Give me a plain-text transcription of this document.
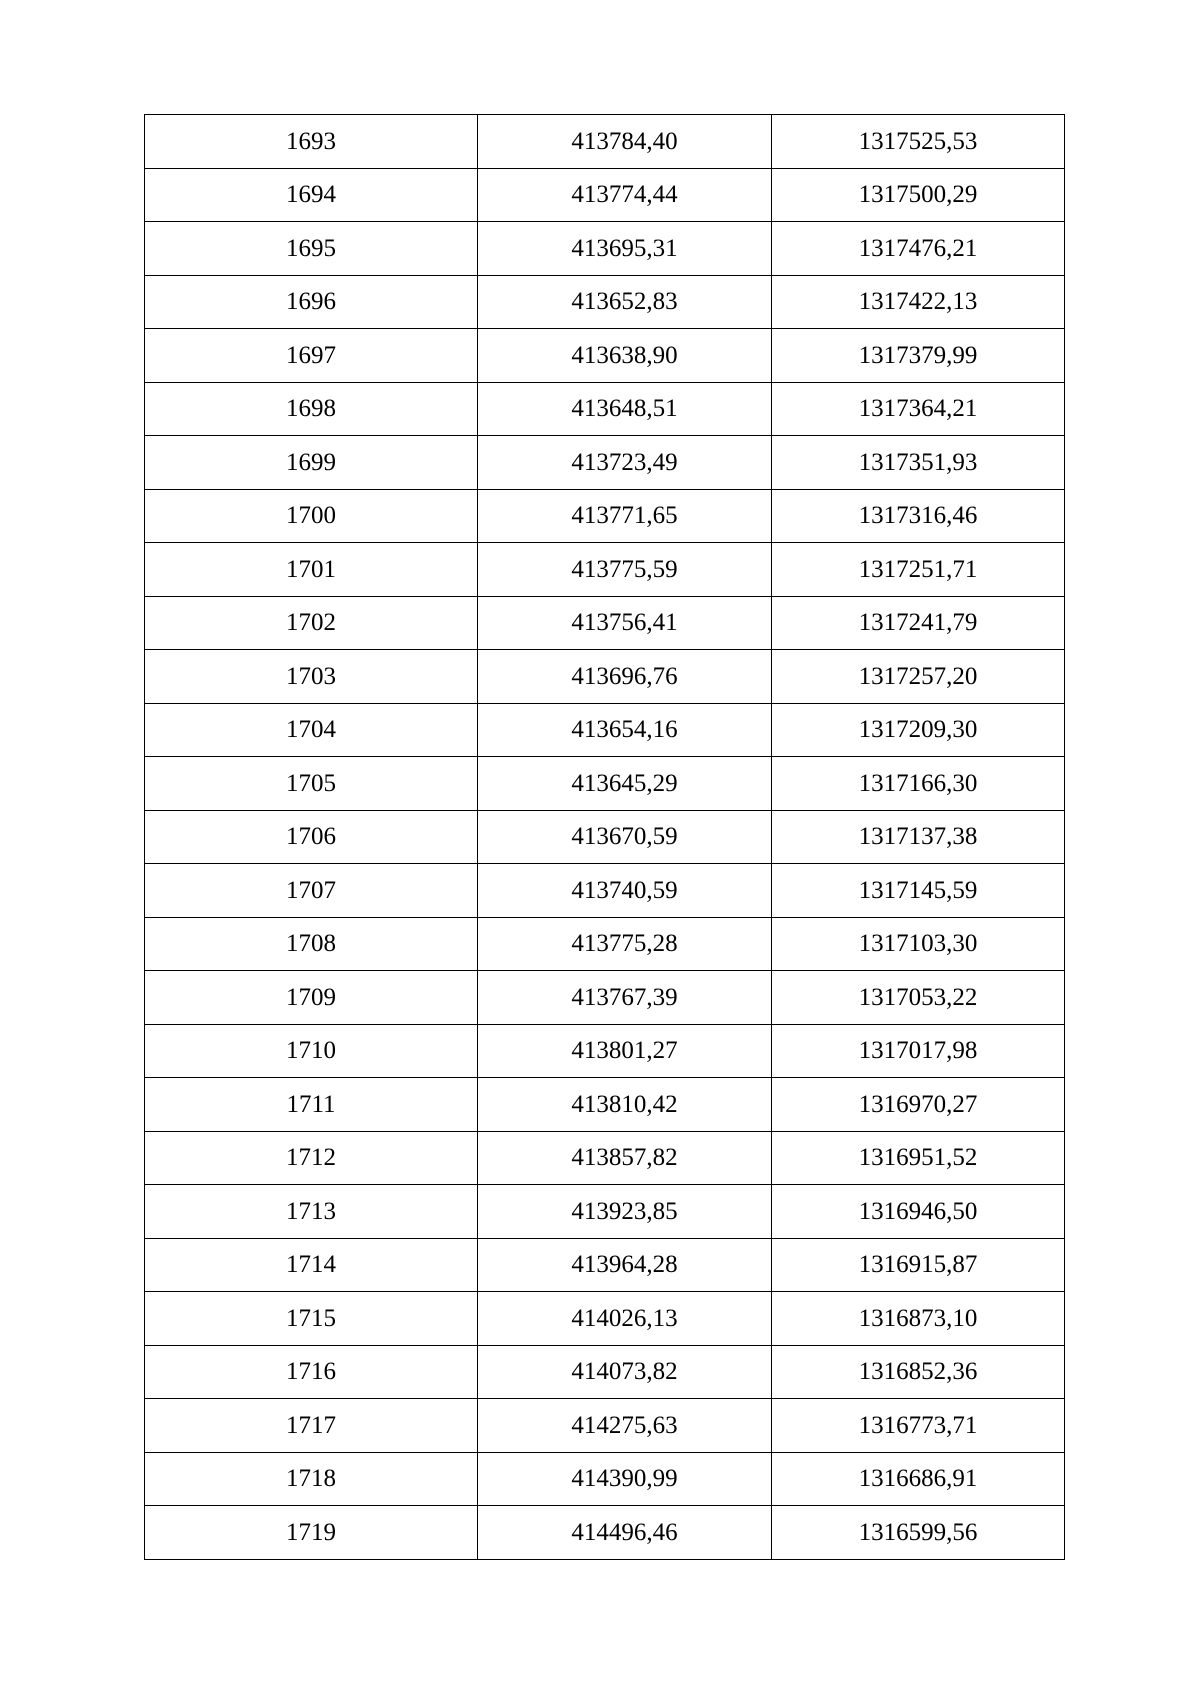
1693	413784,40	1317525,53
1694	413774,44	1317500,29
1695	413695,31	1317476,21
1696	413652,83	1317422,13
1697	413638,90	1317379,99
1698	413648,51	1317364,21
1699	413723,49	1317351,93
1700	413771,65	1317316,46
1701	413775,59	1317251,71
1702	413756,41	1317241,79
1703	413696,76	1317257,20
1704	413654,16	1317209,30
1705	413645,29	1317166,30
1706	413670,59	1317137,38
1707	413740,59	1317145,59
1708	413775,28	1317103,30
1709	413767,39	1317053,22
1710	413801,27	1317017,98
1711	413810,42	1316970,27
1712	413857,82	1316951,52
1713	413923,85	1316946,50
1714	413964,28	1316915,87
1715	414026,13	1316873,10
1716	414073,82	1316852,36
1717	414275,63	1316773,71
1718	414390,99	1316686,91
1719	414496,46	1316599,56
